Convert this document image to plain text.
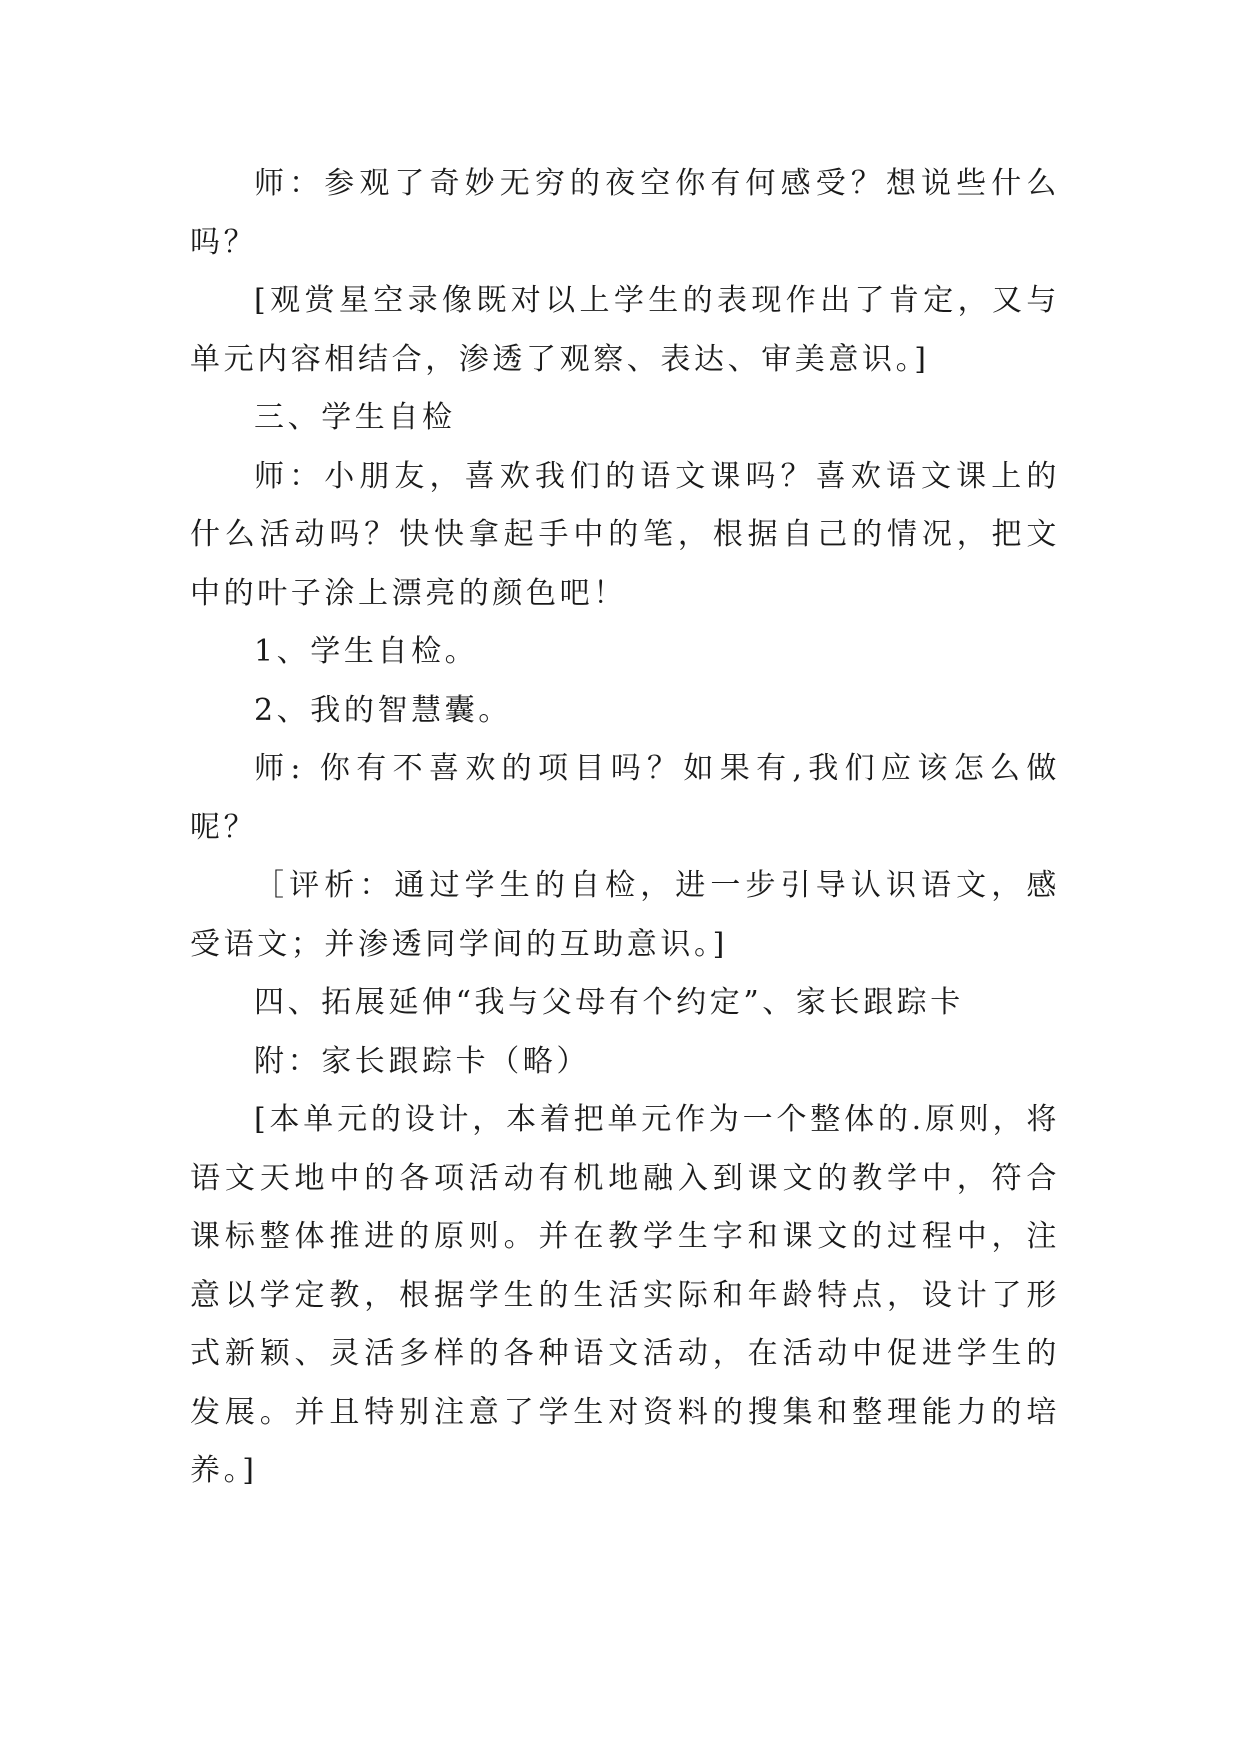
师：参观了奇妙无穷的夜空你有何感受？想说些什么吗？

[观赏星空录像既对以上学生的表现作出了肯定，又与单元内容相结合，渗透了观察、表达、审美意识。]

三、学生自检

师：小朋友，喜欢我们的语文课吗？喜欢语文课上的什么活动吗？快快拿起手中的笔，根据自己的情况，把文中的叶子涂上漂亮的颜色吧！

1、学生自检。

2、我的智慧囊。

师: 你有不喜欢的项目吗？如果有,我们应该怎么做呢？

［评析：通过学生的自检，进一步引导认识语文，感受语文；并渗透同学间的互助意识。]

四、拓展延伸“我与父母有个约定”、家长跟踪卡

附：家长跟踪卡（略）

[本单元的设计，本着把单元作为一个整体的.原则，将语文天地中的各项活动有机地融入到课文的教学中，符合课标整体推进的原则。并在教学生字和课文的过程中，注意以学定教，根据学生的生活实际和年龄特点，设计了形式新颖、灵活多样的各种语文活动，在活动中促进学生的发展。并且特别注意了学生对资料的搜集和整理能力的培养。]
